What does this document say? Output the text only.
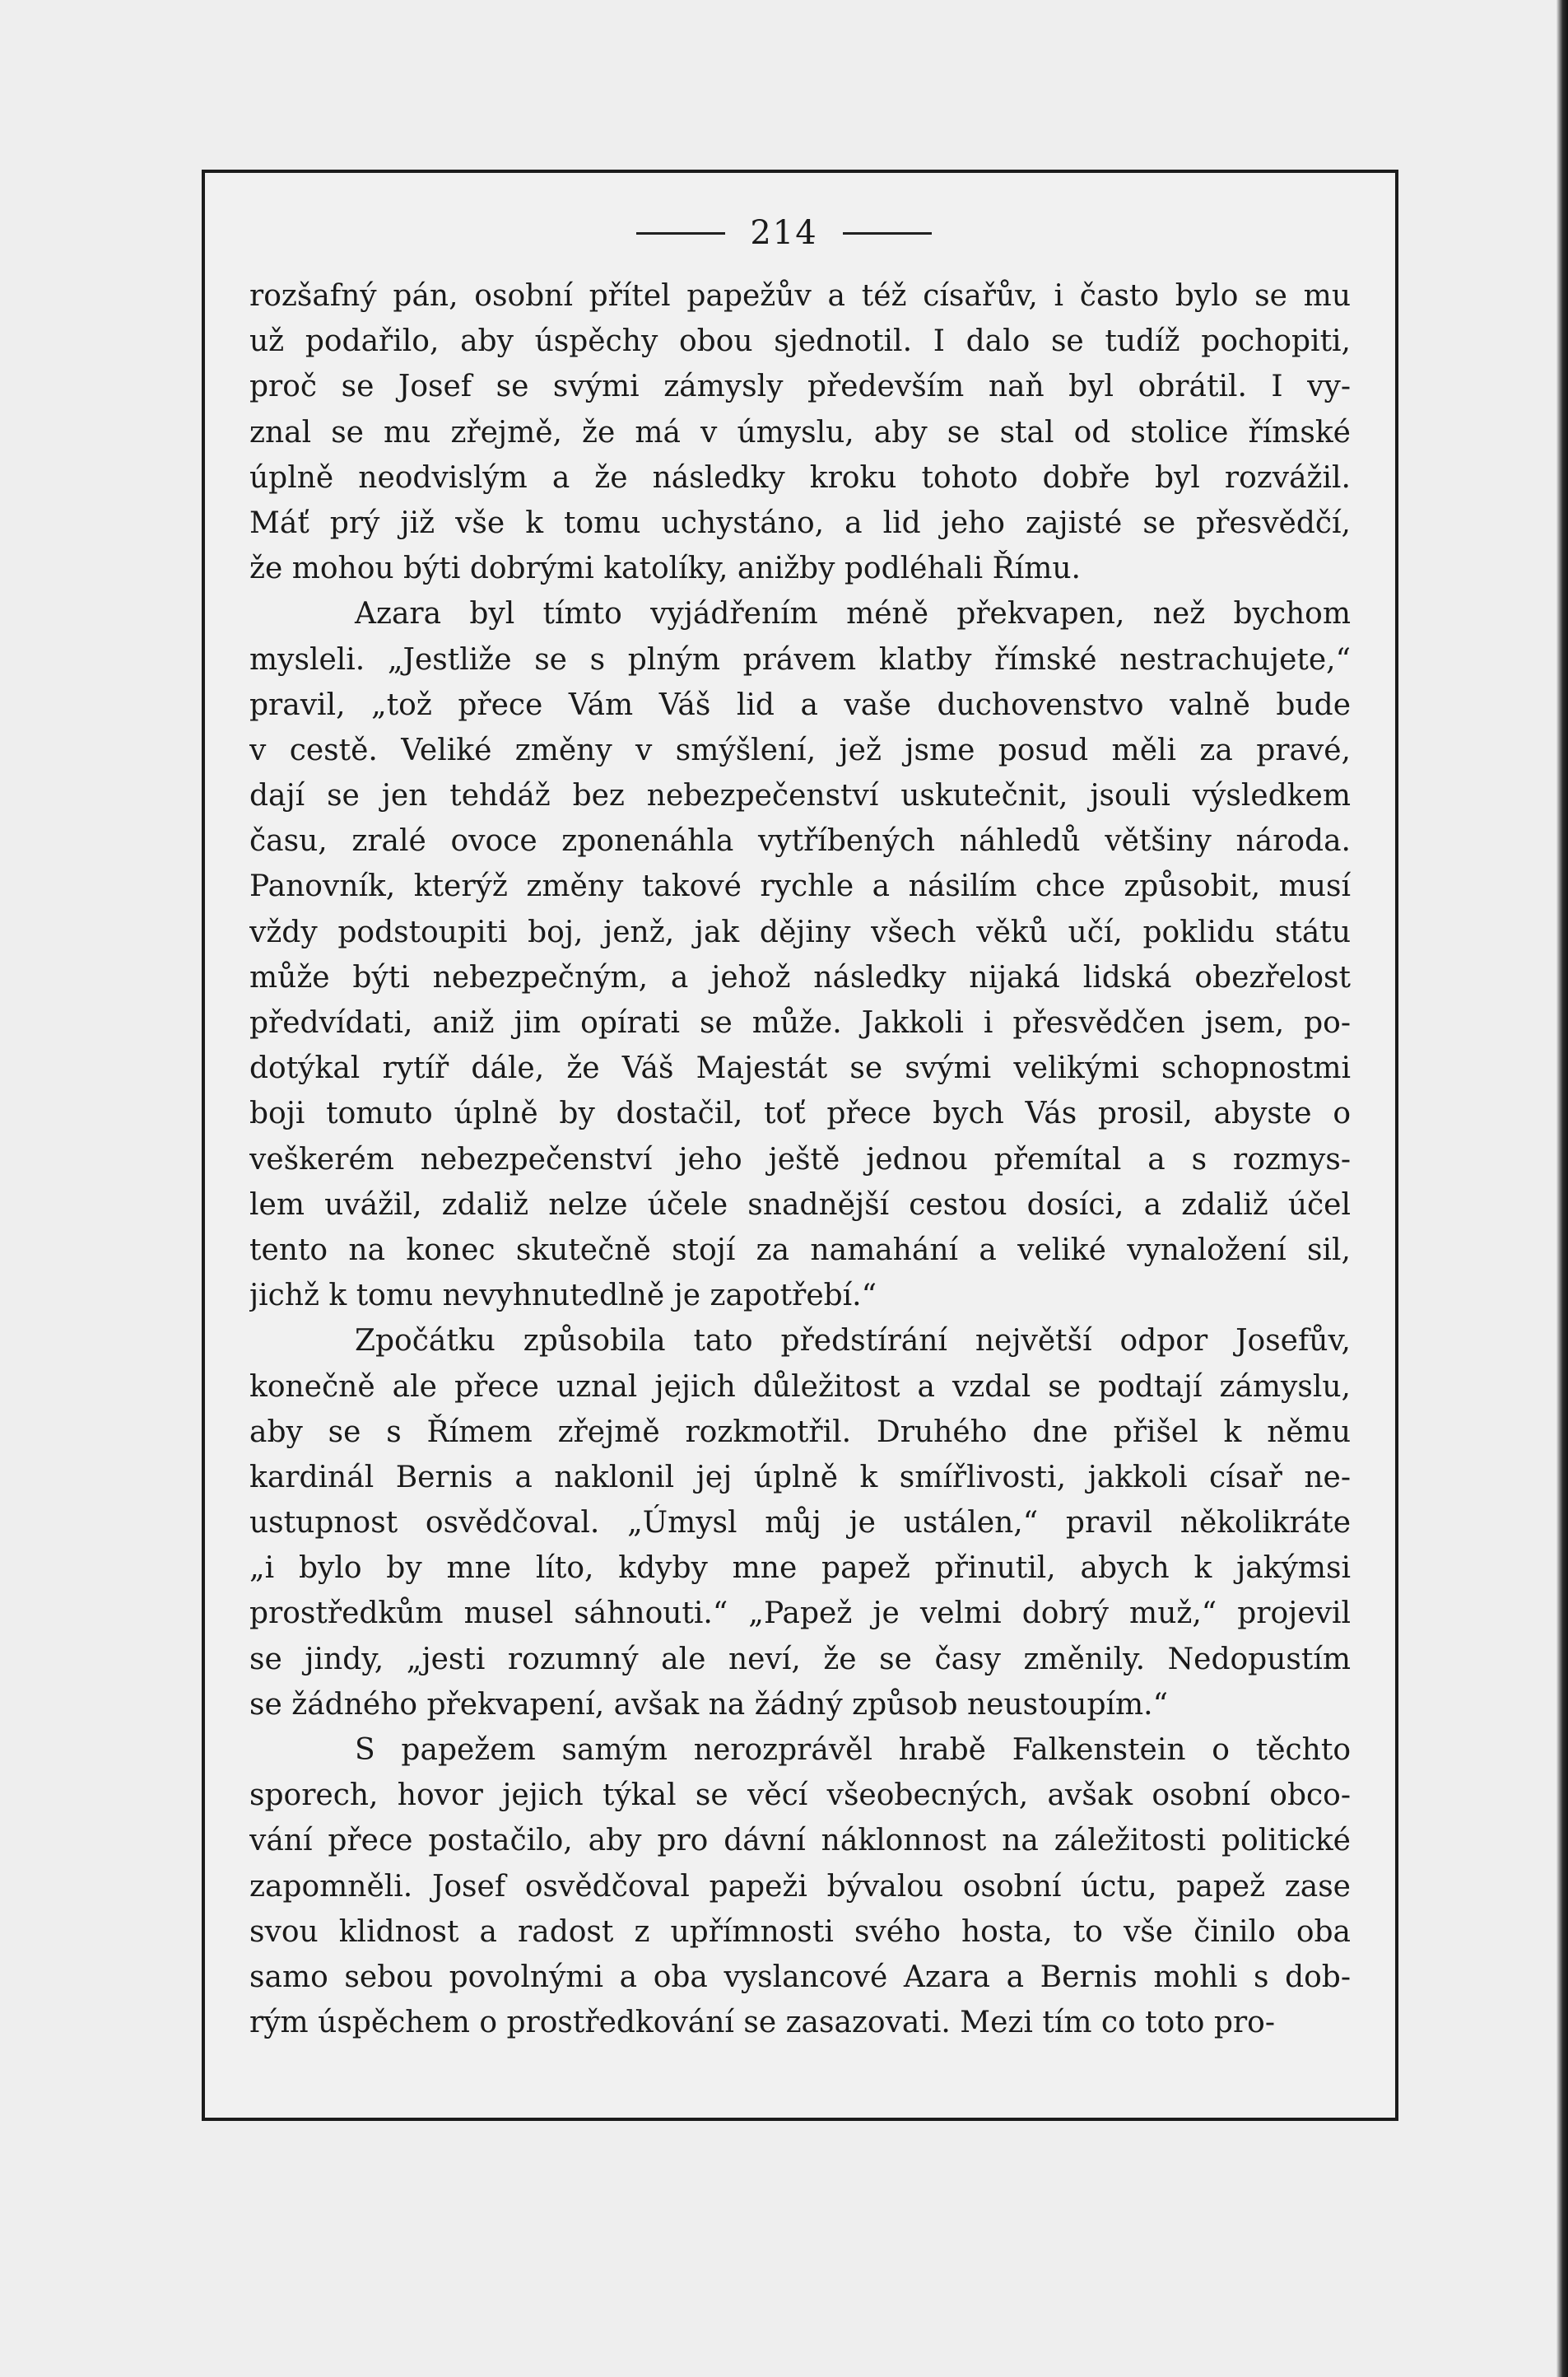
214
rozšafný pán, osobní přítel papežův a též císařův, i často bylo se mu
už podařilo, aby úspěchy obou sjednotil. I dalo se tudíž pochopiti,
proč se Josef se svými zámysly především naň byl obrátil. I vy-
znal se mu zřejmě, že má v úmyslu, aby se stal od stolice římské
úplně neodvislým a že následky kroku tohoto dobře byl rozvážil.
Máť prý již vše k tomu uchystáno, a lid jeho zajisté se přesvědčí,
že mohou býti dobrými katolíky, anižby podléhali Římu.
Azara byl tímto vyjádřením méně překvapen, než bychom
mysleli. „Jestliže se s plným právem klatby římské nestrachujete,“
pravil, „tož přece Vám Váš lid a vaše duchovenstvo valně bude
v cestě. Veliké změny v smýšlení, jež jsme posud měli za pravé,
dají se jen tehdáž bez nebezpečenství uskutečnit, jsouli výsledkem
času, zralé ovoce zponenáhla vytříbených náhledů většiny národa.
Panovník, kterýž změny takové rychle a násilím chce způsobit, musí
vždy podstoupiti boj, jenž, jak dějiny všech věků učí, poklidu státu
může býti nebezpečným, a jehož následky nijaká lidská obezřelost
předvídati, aniž jim opírati se může. Jakkoli i přesvědčen jsem, po-
dotýkal rytíř dále, že Váš Majestát se svými velikými schopnostmi
boji tomuto úplně by dostačil, toť přece bych Vás prosil, abyste o
veškerém nebezpečenství jeho ještě jednou přemítal a s rozmys-
lem uvážil, zdaliž nelze účele snadnější cestou dosíci, a zdaliž účel
tento na konec skutečně stojí za namahání a veliké vynaložení sil,
jichž k tomu nevyhnutedlně je zapotřebí.“
Zpočátku způsobila tato předstírání největší odpor Josefův,
konečně ale přece uznal jejich důležitost a vzdal se podtají zámyslu,
aby se s Římem zřejmě rozkmotřil. Druhého dne přišel k němu
kardinál Bernis a naklonil jej úplně k smířlivosti, jakkoli císař ne-
ustupnost osvědčoval. „Úmysl můj je ustálen,“ pravil několikráte
„i bylo by mne líto, kdyby mne papež přinutil, abych k jakýmsi
prostředkům musel sáhnouti.“ „Papež je velmi dobrý muž,“ projevil
se jindy, „jesti rozumný ale neví, že se časy změnily. Nedopustím
se žádného překvapení, avšak na žádný způsob neustoupím.“
S papežem samým nerozprávěl hrabě Falkenstein o těchto
sporech, hovor jejich týkal se věcí všeobecných, avšak osobní obco-
vání přece postačilo, aby pro dávní náklonnost na záležitosti politické
zapomněli. Josef osvědčoval papeži bývalou osobní úctu, papež zase
svou klidnost a radost z upřímnosti svého hosta, to vše činilo oba
samo sebou povolnými a oba vyslancové Azara a Bernis mohli s dob-
rým úspěchem o prostředkování se zasazovati. Mezi tím co toto pro-
